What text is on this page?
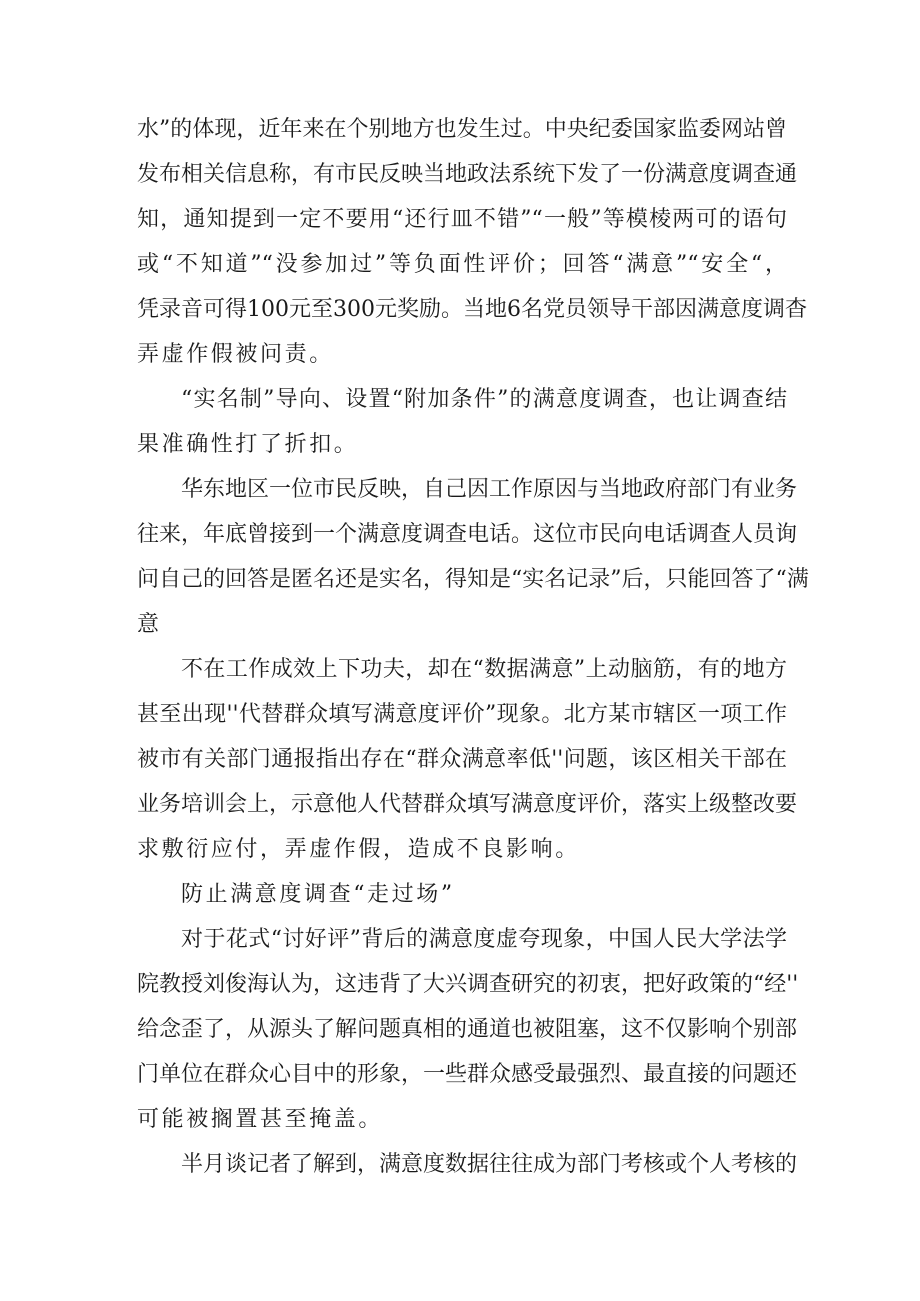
水”的体现，近年来在个别地方也发生过。中央纪委国家监委网站曾
发布相关信息称，有市民反映当地政法系统下发了一份满意度调查通
知，通知提到一定不要用“还行皿不错”“一般”等模棱两可的语句
或“不知道”“没参加过”等负面性评价；回答“满意”“安全“，
凭录音可得100元至300元奖励。当地6名党员领导干部因满意度调杳
弄虚作假被问责。
“实名制”导向、设置“附加条件”的满意度调查，也让调查结
果准确性打了折扣。
华东地区一位市民反映，自己因工作原因与当地政府部门有业务
往来，年底曾接到一个满意度调查电话。这位市民向电话调查人员询
问自己的回答是匿名还是实名，得知是“实名记录”后，只能回答了“满
意
不在工作成效上下功夫，却在“数据满意”上动脑筋，有的地方
甚至出现''代替群众填写满意度评价”现象。北方某市辖区一项工作
被市有关部门通报指出存在“群众满意率低''问题，该区相关干部在
业务培训会上，示意他人代替群众填写满意度评价，落实上级整改要
求敷衍应付，弄虚作假，造成不良影响。
防止满意度调查“走过场”
对于花式“讨好评”背后的满意度虚夸现象，中国人民大学法学
院教授刘俊海认为，这违背了大兴调查研究的初衷，把好政策的“经''
给念歪了，从源头了解问题真相的通道也被阻塞，这不仅影响个别部
门单位在群众心目中的形象，一些群众感受最强烈、最直接的问题还
可能被搁置甚至掩盖。
半月谈记者了解到，满意度数据往往成为部门考核或个人考核的
